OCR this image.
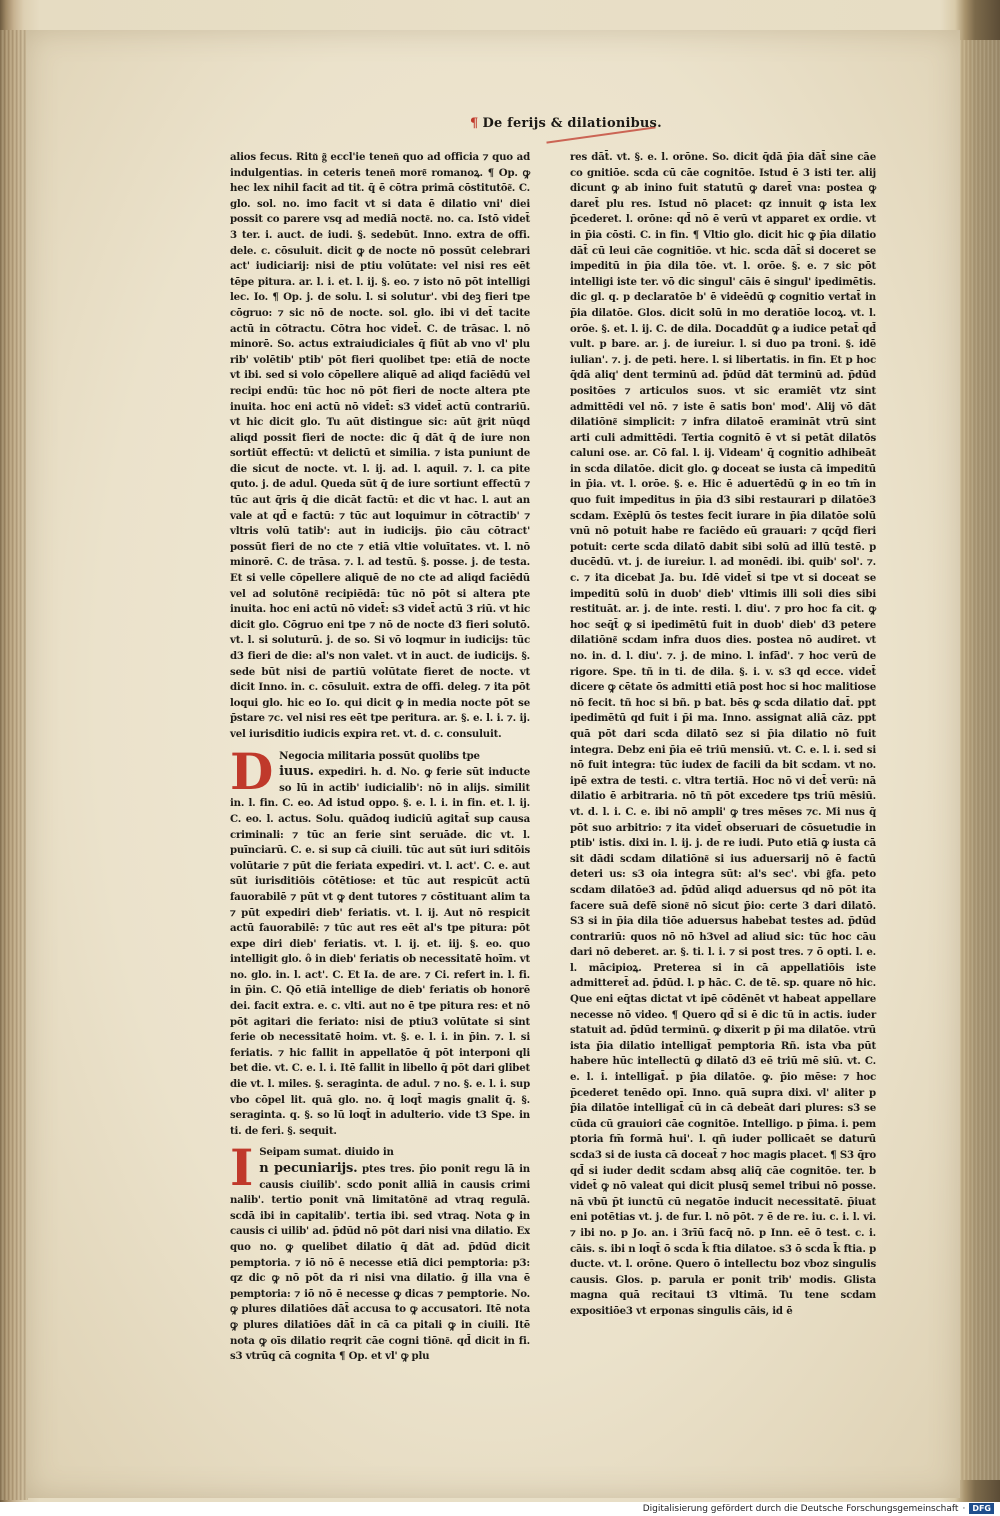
¶ De ferijs & dilationibus.

alios fecus. Ritu͂ g͂ eccl'ie tenen͂ quo ad officia ⁊ quo ad indulgentias. in ceteris tenen͂ more͂ romanoꝝ. ¶ Op. ꝙ hec lex nihil facit ad tit. q̄ ē cōtra primā cōstitutōe͂. C. glo. sol. no. imo facit vt si data ē dilatio vni' diei possit co parere vsq̧ ad mediā nocte͂. no. ca. Istō videt̄ 3 ter. i. auct. de iudi. §. sedebūt. Inno. extra de offi. dele. c. cōsuluit. dicit ꝙ de nocte nō possūt celebrari act' iudiciarij: nisi de ptiu volūtate: vel nisi res eēt tēpe pitura. ar. l. i. et. l. ij. §. eo. ⁊ isto nō pōt intelligi lec. Io. ¶ Op. j. de solu. l. si solutur'. vbi deꝫ fieri tpe cōgruo: ⁊ sic nō de nocte. sol. glo. ibi vi det̄ tacite actū in cōtractu. Cōtra hoc videt̄. C. de trāsac. l. nō minorē. So. actus extraiudiciales q̄ fiūt ab vno vl' plu rib' volētib' ptib' pōt fieri quolibet tpe: etiā de nocte vt ibi. sed si volo cōpellere aliquē ad aliqd faciēdū vel recipi endū: tūc hoc nō pōt fieri de nocte altera pte inuita. hoc eni actū nō videt̄: s3 videt̄ actū contrariū. vt hic dicit glo. Tu aūt distingue sic: aūt g͂rit nūqd aliqd possit fieri de nocte: dic q̄ dāt q̄ de iure non sortiūt effectū: vt delictū et similia. ⁊ ista puniunt de die sicut de nocte. vt. l. ij. ad. l. aquil. ⁊. l. ca pite quto. j. de adul. Queda sūt q̄ de iure sortiunt effectū ⁊ tūc aut q̄ris q̄ die dicāt factū: et dic vt hac. l. aut an vale at qd̄ e factū: ⁊ tūc aut loquimur in cōtractib' ⁊ vltris volū tatib': aut in iudicijs. p̄io cāu cōtract' possūt fieri de no cte ⁊ etiā vltie voluītates. vt. l. nō minorē. C. de trāsa. ⁊. l. ad testū. §. posse. j. de testa. Et si velle cōpellere aliquē de no cte ad aliqd faciēdū vel ad solutōne͂ recipiēdā: tūc nō pōt si altera pte inuita. hoc eni actū nō videt̄: s3 videt̄ actū 3 riū. vt hic dicit glo. Cōgruo eni tpe ⁊ nō de nocte d3 fieri solutō. vt. l. si soluturū. j. de so. Si vō loqmur in iudicijs: tūc d3 fieri de die: al's non valet. vt in auct. de iudicijs. §. sede būt nisi de partiū volūtate fieret de nocte. vt dicit Inno. in. c. cōsuluit. extra de offi. deleg. ⁊ ita pōt loqui glo. hic eo Io. qui dicit ꝙ in media nocte pōt se p̄stare ⁊c. vel nisi res eēt tpe peritura. ar. §. e. l. i. ⁊. ij. vel iurisditio iudicis expira ret. vt. d. c. consuluit.

D Negocia militaria possūt quolibs tpe

iuus. expediri. h. d. No. ꝙ ferie sūt inducte so lū in actib' iudicialib': nō in alijs. similit in. l. fin. C. eo. Ad istud oppo. §. e. l. i. in fin. et. l. ij. C. eo. l. actus. Solu. quādoq̧ iudiciū agitat̄ sup causa criminali: ⁊ tūc an ferie sint seruāde. dic vt. l. puīnciarū. C. e. si sup cā ciuili. tūc aut sūt iuri sditōis volūtarie ⁊ pūt die feriata expediri. vt. l. act'. C. e. aut sūt iurisditiōis cōtētiose: et tūc aut respicūt actū fauorabilē ⁊ pūt vt ꝙ dent tutores ⁊ cōstituant alim ta ⁊ pūt expediri dieb' feriatis. vt. l. ij. Aut nō respicit actū fauorabilē: ⁊ tūc aut res eēt al's tpe pitura: pōt expe diri dieb' feriatis. vt. l. ij. et. iij. §. eo. quo intelligit glo. ô in dieb' feriatis ob necessitatē hoīm. vt no. glo. in. l. act'. C. Et Ia. de are. ⁊ Ci. refert in. l. fi. in p̄in. C. Qō etiā intellige de dieb' feriatis ob honorē dei. facit extra. e. c. vlti. aut no ē tpe pitura res: et nō pōt agitari die feriato: nisi de ptiu3 volūtate si sint ferie ob necessitatē hoim. vt. §. e. l. i. in p̄in. ⁊. l. si feriatis. ⁊ hic fallit in appellatōe q̄ pōt interponi qli bet die. vt. C. e. l. i. Itē fallit in libello q̄ pōt dari glibet die vt. l. miles. §. seraginta. de adul. ⁊ no. §. e. l. i. sup vbo cōpel lit. quā glo. no. q̄ loqt̄ magis gnalit q̄. §. seraginta. q. §. so lū loqt̄ in adulterio. vide t3 Spe. in ti. de feri. §. sequit.

I Seipam sumat. diuido in

n pecuniarijs. ptes tres. p̄io ponit regu lā in causis ciuilib'. scdo ponit alliā in causis crimi nalib'. tertio ponit vnā limitatōne͂ ad vtraq̧ regulā. scdā ibi in capitalib'. tertia ibi. sed vtraq̧. Nota ꝙ in causis ci uilib' ad. p̄dūd nō pōt dari nisi vna dilatio. Ex quo no. ꝙ quelibet dilatio q̄ dāt ad. p̄dūd dicit pemptoria. ⁊ iō nō ē necesse etiā dici pemptoria: p3: qz dic ꝙ nō pōt da ri nisi vna dilatio. ḡ illa vna ē pemptoria: ⁊ iō nō ē necesse ꝙ dicas ⁊ pemptorie. No. ꝙ plures dilatiōes dāt̄ accusa to ꝙ accusatori. Itē nota ꝙ plures dilatiōes dāt̄ in cā ca pitali ꝙ in ciuili. Itē nota ꝙ oīs dilatio reqrit cāe cogni tiōne͂. qd̄ dicit in fi. s3 vtrūq̧ cā cognita ¶ Op. et vl' ꝙ plu

res dāt̄. vt. §. e. l. orōne. So. dicit q̄dā p̄ia dāt̄ sine cāe co gnitiōe. scda cū cāe cognitōe. Istud ē 3 isti ter. alij dicunt ꝙ ab inino fuit statutū ꝙ daret̄ vna: postea ꝙ daret̄ plu res. Istud nō placet: qz innuit ꝙ ista lex p̄cederet. l. orōne: qd̄ nō ē verū vt apparet ex ordie. vt in p̄ia cōsti. C. in fin. ¶ Vltio glo. dicit hic ꝙ p̄ia dilatio dāt̄ cū leui cāe cognitiōe. vt hic. scda dāt̄ si doceret se impeditū in p̄ia dila tōe. vt. l. orōe. §. e. ⁊ sic pōt intelligi iste ter. vō dic singul' cāis ē singul' ipedimētis. dic gl. q. p declaratōe b' ē videēdū ꝙ cognitio vertat̄ in p̄ia dilatōe. Glos. dicit solū in mo deratiōe locoꝝ. vt. l. orōe. §. et. l. ij. C. de dila. Docaddūt ꝙ a iudice petat̄ qd̄ vult. p bare. ar. j. de iureiur. l. si duo pa troni. §. idē iulian'. ⁊. j. de peti. here. l. si libertatis. in fin. Et p hoc q̄dā aliq' dent terminū ad. p̄dūd dāt terminū ad. p̄dūd positōes ⁊ articulos suos. vt sic eramiēt vtz sint admittēdi vel nō. ⁊ iste ē satis bon' mod'. Alij vō dāt dilatiōne͂ simplicit: ⁊ infra dilatoē eramināt vtrū sint arti culi admittēdi. Tertia cognitō ē vt si petāt dilatōs caluni ose. ar. Cō fal. l. ij. Videam' q̄ cognitio adhibeāt in scda dilatōe. dicit glo. ꝙ doceat se iusta cā impeditū in p̄ia. vt. l. orōe. §. e. Hic ē aduertēdū ꝙ in eo tm̄ in quo fuit impeditus in p̄ia d3 sibi restaurari p dilatōe3 scdam. Exēplū ōs testes fecit iurare in p̄ia dilatōe solū vnū nō potuit habe re faciēdo eū grauari: ⁊ qcq̄d fieri potuit: certe scda dilatō dabit sibi solū ad illū testē. p ducēdū. vt. j. de iureiur. l. ad monēdi. ibi. quib' sol'. ⁊. c. ⁊ ita dicebat Ja. bu. Idē videt̄ si tpe vt si doceat se impeditū solū in duob' dieb' vltimis illi soli dies sibi restituāt. ar. j. de inte. resti. l. diu'. ⁊ pro hoc fa cit. ꝙ hoc seq̄t̄ ꝙ si ipedimētū fuit in duob' dieb' d3 petere dilatiōne͂ scdam infra duos dies. postea nō audiret. vt no. in. d. l. diu'. ⁊. j. de mino. l. infād'. ⁊ hoc verū de rigore. Spe. tñ in ti. de dila. §. i. v. s3 qd ecce. videt̄ dicere ꝙ cētate ōs admitti etiā post hoc si hoc malitiose nō fecit. tñ hoc si bñ. p bat. bēs ꝙ scda dilatio dat̄. ppt ipedimētū qd fuit i p̄i ma. Inno. assignat aliā cāz. ppt quā pōt dari scda dilatō sez si p̄ia dilatio nō fuit integra. Debz eni p̄ia eē triū mensiū. vt. C. e. l. i. sed si nō fuit integra: tūc iudex de facili da bit scdam. vt no. ipē extra de testi. c. vltra tertiā. Hoc nō vi det̄ verū: nā dilatio ē arbitraria. nō tñ pōt excedere tps triū mēsiū. vt. d. l. i. C. e. ibi nō ampli' ꝙ tres mēses ⁊c. Mi nus q̄ pōt suo arbitrio: ⁊ ita videt̄ obseruari de cōsuetudie in ptib' istis. dixi in. l. ij. j. de re iudi. Puto etiā ꝙ iusta cā sit dādi scdam dilatiōne͂ si ius aduersarij nō ē factū deteri us: s3 oia integra sūt: al's sec'. vbi g͂fa. peto scdam dilatōe3 ad. p̄dūd aliqd aduersus qd nō pōt ita facere suā defē sione͂ nō sicut p̄io: certe 3 dari dilatō. S3 si in p̄ia dila tiōe aduersus habebat testes ad. p̄dūd contrariū: quos nō nō h3vel ad aliud sic: tūc hoc cāu dari nō deberet. ar. §. ti. l. i. ⁊ si post tres. ⁊ ō opti. l. e. l. mācipioꝝ. Preterea si in cā appellatiōis iste admitteret̄ ad. p̄dūd. l. p hāc. C. de tē. sp. quare nō hic. Que eni eq̄tas dictat vt ipē cōdēnēt vt habeat appellare necesse nō video. ¶ Quero qd̄ si ē dic tū in actis. iuder statuit ad. p̄dūd terminū. ꝙ dixerit p p̄i ma dilatōe. vtrū ista p̄ia dilatio intelligat̄ pemptoria Rñ. ista vba pūt habere hūc intellectū ꝙ dilatō d3 eē triū mē siū. vt. C. e. l. i. intelligat̄. p p̄ia dilatōe. ꝙ. p̄io mēse: ⁊ hoc p̄cederet tenēdo opī. Inno. quā supra dixi. vl' aliter p p̄ia dilatōe intelligat̄ cū in cā debeāt dari plures: s3 se cūda cū grauiori cāe cognitōe. Intelligo. p p̄ima. i. pem ptoria fm̄ formā hui'. l. qñ iuder pollicaēt se daturū scda3 si de iusta cā doceat̄ ⁊ hoc magis placet. ¶ S3 q̄ro qd̄ si iuder dedit scdam absq̧ aliq̄ cāe cognitōe. ter. b videt̄ ꝙ nō valeat qui dicit plusq̄ semel tribui nō posse. nā vbū p̄t iunctū cū negatōe inducit necessitatē. p̄iuat eni potētias vt. j. de fur. l. nō pōt. ⁊ ē de re. iu. c. i. l. vi. ⁊ ibi no. p Jo. an. i 3rīū facq̄ nō. p Inn. eē ō test. c. i. cāis. s. ibi n loqt̄ ō scda k̄ ftia dilatoe. s3 ō scda k̄ ftia. p ducte. vt. l. orōne. Quero ō intellectu boz vboz singulis causis. Glos. p. parula er ponit trib' modis. Glista magna quā recitaui t3 vltimā. Tu tene scdam expositiōe3 vt erponas singulis cāis, id ē

Digitalisierung gefördert durch die Deutsche Forschungsgemeinschaft · DFG
